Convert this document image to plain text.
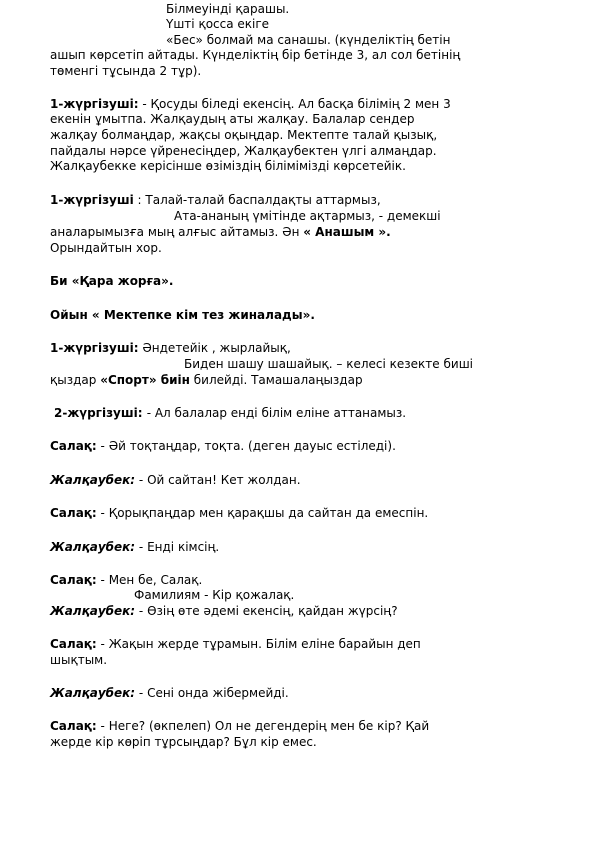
Білмеуінді қарашы.
Үшті қосса екіге
«Бес» болмай ма санашы. (күнделіктің бетін
ашып көрсетіп айтады. Күнделіктің бір бетінде 3, ал сол бетінің
төменгі тұсында 2 тұр).
1-жүргізуші: - Қосуды біледі екенсің. Ал басқа білімің 2 мен 3
екенін ұмытпа. Жалқаудың аты жалқау. Балалар сендер
жалқау болмаңдар, жақсы оқыңдар. Мектепте талай қызық,
пайдалы нәрсе үйренесіңдер, Жалқаубектен үлгі алмаңдар.
Жалқаубекке керісінше өзіміздің білімімізді көрсетейік.
1-жүргізуші : Талай-талай баспалдақты аттармыз,
Ата-ананың үмітінде ақтармыз, - демекші
аналарымызға мың алғыс айтамыз. Ән « Анашым ».
Орындайтын хор.
Би «Қара жорға».
Ойын « Мектепке кім тез жиналады».
1-жүргізуші: Әндетейік , жырлайық,
Биден шашу шашайық. – келесі кезекте биші
қыздар «Спорт» биін билейді. Тамашалаңыздар
2-жүргізуші: - Ал балалар енді білім еліне аттанамыз.
Салақ: - Әй тоқтаңдар, тоқта. (деген дауыс естіледі).
Жалқаубек: - Ой сайтан! Кет жолдан.
Салақ: - Қорықпаңдар мен қарақшы да сайтан да емеспін.
Жалқаубек: - Енді кімсің.
Салақ: - Мен бе, Салақ.
Фамилиям - Кір қожалақ.
Жалқаубек: - Өзің өте әдемі екенсің, қайдан жүрсің?
Салақ: - Жақын жерде тұрамын. Білім еліне барайын деп
шықтым.
Жалқаубек: - Сені онда жібермейді.
Салақ: - Неге? (өкпелеп) Ол не дегендерің мен бе кір? Қай
жерде кір көріп тұрсыңдар? Бұл кір емес.
